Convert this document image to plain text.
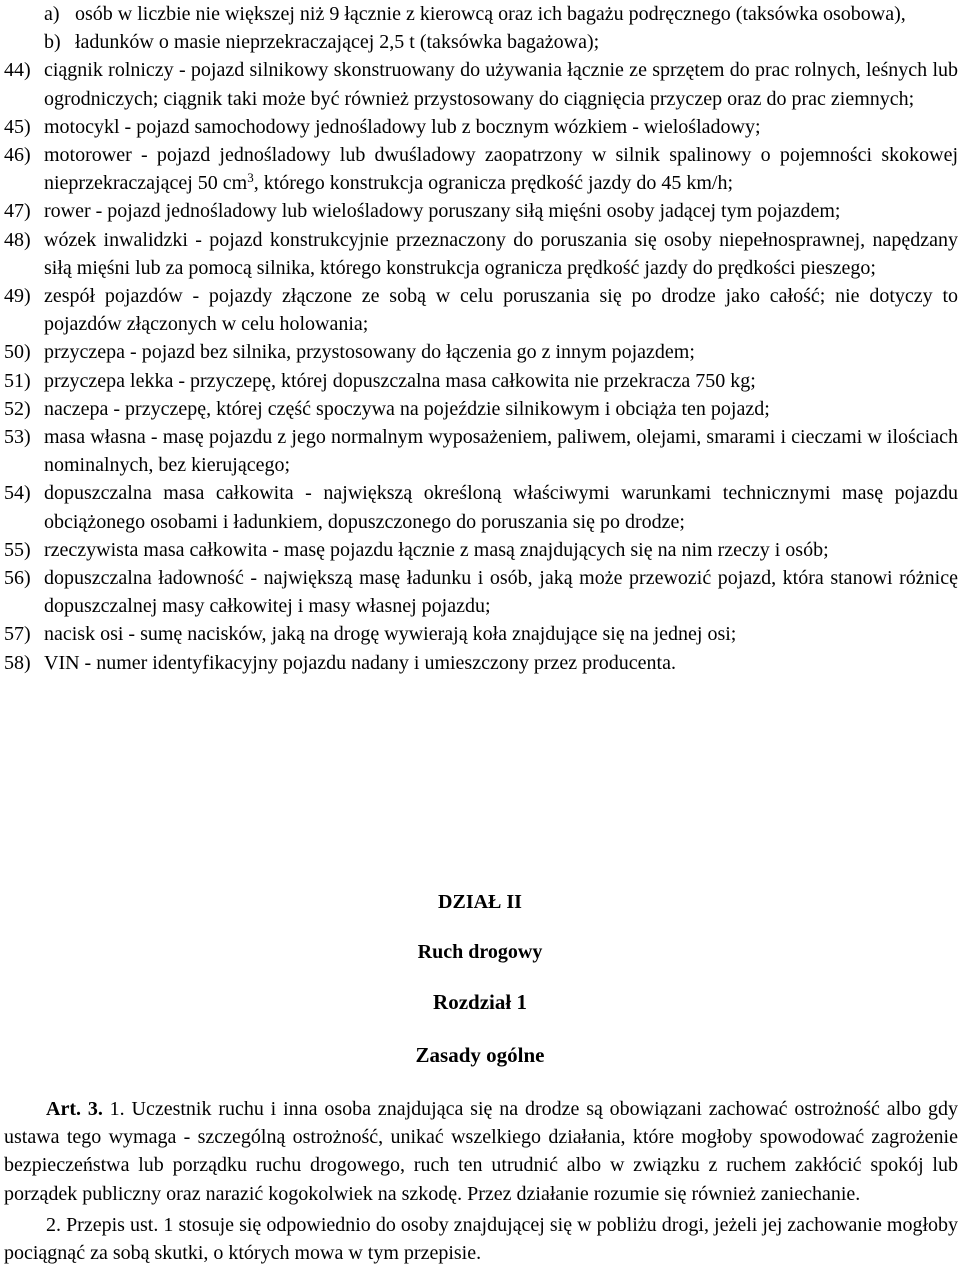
a) osób w liczbie nie większej niż 9 łącznie z kierowcą oraz ich bagażu podręcznego (taksówka osobowa),
b) ładunków o masie nieprzekraczającej 2,5 t (taksówka bagażowa);
44) ciągnik rolniczy - pojazd silnikowy skonstruowany do używania łącznie ze sprzętem do prac rolnych, leśnych lub ogrodniczych; ciągnik taki może być również przystosowany do ciągnięcia przyczep oraz do prac ziemnych;
45) motocykl - pojazd samochodowy jednośladowy lub z bocznym wózkiem - wielośladowy;
46) motorower - pojazd jednośladowy lub dwuśladowy zaopatrzony w silnik spalinowy o pojemności skokowej nieprzekraczającej 50 $cm^3$, którego konstrukcja ogranicza prędkość jazdy do 45 km/h;
47) rower - pojazd jednośladowy lub wielośladowy poruszany siłą mięśni osoby jadącej tym pojazdem;
48) wózek inwalidzki - pojazd konstrukcyjnie przeznaczony do poruszania się osoby niepełnosprawnej, napędzany siłą mięśni lub za pomocą silnika, którego konstrukcja ogranicza prędkość jazdy do prędkości pieszego;
49) zespół pojazdów - pojazdy złączone ze sobą w celu poruszania się po drodze jako całość; nie dotyczy to pojazdów złączonych w celu holowania;
50) przyczepa - pojazd bez silnika, przystosowany do łączenia go z innym pojazdem;
51) przyczepa lekka - przyczepę, której dopuszczalna masa całkowita nie przekracza 750 kg;
52) naczepa - przyczepę, której część spoczywa na pojeździe silnikowym i obciąża ten pojazd;
53) masa własna - masę pojazdu z jego normalnym wyposażeniem, paliwem, olejami, smarami i cieczami w ilościach nominalnych, bez kierującego;
54) dopuszczalna masa całkowita - największą określoną właściwymi warunkami technicznymi masę pojazdu obciążonego osobami i ładunkiem, dopuszczonego do poruszania się po drodze;
55) rzeczywista masa całkowita - masę pojazdu łącznie z masą znajdujących się na nim rzeczy i osób;
56) dopuszczalna ładowność - największą masę ładunku i osób, jaką może przewozić pojazd, która stanowi różnicę dopuszczalnej masy całkowitej i masy własnej pojazdu;
57) nacisk osi - sumę nacisków, jaką na drogę wywierają koła znajdujące się na jednej osi;
58) VIN - numer identyfikacyjny pojazdu nadany i umieszczony przez producenta.
DZIAŁ II
Ruch drogowy
Rozdział 1
Zasady ogólne

Art. 3. 1. Uczestnik ruchu i inna osoba znajdująca się na drodze są obowiązani zachować ostrożność albo gdy ustawa tego wymaga - szczególną ostrożność, unikać wszelkiego działania, które mogłoby spowodować zagrożenie bezpieczeństwa lub porządku ruchu drogowego, ruch ten utrudnić albo w związku z ruchem zakłócić spokój lub porządek publiczny oraz narazić kogokolwiek na szkodę. Przez działanie rozumie się również zaniechanie.

2. Przepis ust. 1 stosuje się odpowiednio do osoby znajdującej się w pobliżu drogi, jeżeli jej zachowanie mogłoby pociągnąć za sobą skutki, o których mowa w tym przepisie.
